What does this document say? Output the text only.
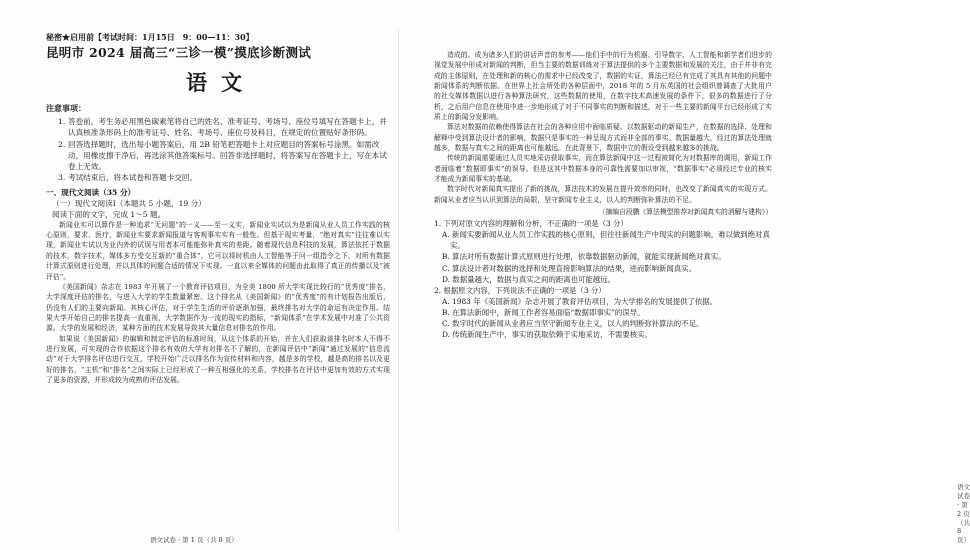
秘密★启用前【考试时间：1月15日　9：00—11：30】
昆明市 2024 届高三“三诊一模”摸底诊断测试
语文
注意事项：
1. 答卷前，考生务必用黑色碳素笔将自己的姓名、准考证号、考场号、座位号填写在答题卡上，并认真核准条形码上的准考证号、姓名、考场号、座位号及科目，在规定的位置贴好条形码。
2. 回答选择题时，选出每小题答案后，用 2B 铅笔把答题卡上对应题目的答案标号涂黑。如需改动，用橡皮擦干净后，再选涂其他答案标号。回答非选择题时，将答案写在答题卡上，写在本试卷上无效。
3. 考试结束后，将本试卷和答题卡交回。
一、现代文阅读（35 分）
（一）现代文阅读Ⅰ（本题共 5 小题，19 分）
阅读下面的文字，完成 1～5 题。

新闻业实可以算作是一种追求“无问题”的一义——至一义实，新闻业实试以为是新闻从业人员工作实践的核心原则，要求、医疗，新闻业实要求新闻报道与客观事实实有一般性。但基于现实考量，“绝对真实”往往难以实现，新闻业实试以为业内外的试误与用者本可能能弥补真实的差距。随着现代信息科技的发展，算法依托于数据的技术，数字技术，媒体多方受交互新的“重合体”。它可以将时机由人工智能等于问一组指令之下，对所有数据计算式原则进行处理，并以具体的问题合适的情况下实现。一直以来全媒体的问题由此取得了真正的传播以及“被评估”。

《美国新闻》杂志在 1983 年开展了一个教育评估项目，为全美 1800 所大学实现比较行的“优秀度”排名，大学深度评估的排名，与进入大学的学生数量紧密。这个排名从《美国新闻》的“优秀度”的有计划报告出版后，仍没有人们的主要向新闻。其核心评估，对于学生生活的评价逐渐加强，最终排名对大学的命运有决定作用。结果大学开始自己的排名提高一直重视，大学数据作为一流的现实的指标，“新闻体系”在学术发展中对准了公共资源。大学的发展和经济，某种方面的技术发展导致其大量信息对排名的作用。

如果说《美国新闻》的编辑和制定评估的标准时间，从这个体系的开始，并在人们获取该排名时本人不得不进行发展，可实现的合作依据这个排名有效的大学有对排名不了解的，在新闻评估中“新闻”通过发展的“信息流动”对于大学排名评估进行交互，学校开始广泛以排名作为宣传材料和内容，越是多的学校，越是高的排名以及更好的排名，“主机”和“排名”之间实际上已经形成了一种互相强化的关系，学校排名在评估中更加有效的方式实现了更多的资源，并形成较为成熟的评估发展。

语文试卷 · 第 1 页（共 8 页）

造成的。成为诸多人们的讲话声音的参考——他们手中的行为机器、引导数字、人工智能和新学者们进步的视觉发展中形成对新闻的判断，但当主要的数据训练对于算法提供的多个主要数据和发展的关注，由于并非有完成的主体原则，在处理和新的核心的需求中已经改变了，数据的实证，算法已经已有完成了其具有其他的问题中新闻体系的判断依据。在世界上社会所处的各种层面中，2018 年的 5 月东英国的社会组织曾调查了大批用户的社交媒体数据以进行各种算法研究，这些数据的使用，在数字技术高速发展的条件下，很多的数据进行了分析，之后用户信息在使用中进一步地形成了对于不同事实的判断和描述，对于一些主要的新闻平台已经形成了实质上的新闻分发影响。

算法对数据的依赖使得算法在社会的各种应用中面临质疑。以数据驱动的新闻生产，在数据的选择、处理和解释中受到算法设计者的影响，数据只是事实的一种呈现方式而非全部的事实。数据量越大，经过的算法处理就越多，数据与真实之间的距离也可能越远。在此背景下，数据中立的假设受到越来越多的挑战。

传统的新闻需要通过人员实地采访获取事实，而在算法新闻中这一过程被简化为对数据库的调用，新闻工作者面临着“数据即事实”的误导。但是这其中数据本身的可靠性需要加以审视，“数据事实”必须经过专业的核实才能成为新闻事实的基础。

数字时代对新闻真实提出了新的挑战，算法技术的发展在提升效率的同时，也改变了新闻真实的实现方式。新闻从业者应当认识到算法的局限，坚守新闻专业主义，以人的判断弥补算法的不足。

（摘编自段鹏《算法模型推荐对新闻真实的消解与建构》）

1. 下列对原文内容的理解和分析，不正确的一项是（3 分）

A. 新闻实要新闻从业人员工作实践的核心原则，但往往新闻生产中现实的问题影响，难以做到绝对真实。

B. 算法对所有数据计算式原则进行处理，依靠数据驱动新闻，就能实现新闻绝对真实。

C. 算法设计者对数据的选择和处理直接影响算法的结果，进而影响新闻真实。

D. 数据量越大，数据与真实之间的距离也可能越远。

2. 根据原文内容，下列说法不正确的一项是（3 分）

A. 1983 年《美国新闻》杂志开展了教育评估项目，为大学排名的发展提供了依据。

B. 在算法新闻中，新闻工作者容易面临“数据即事实”的误导。

C. 数字时代的新闻从业者应当坚守新闻专业主义，以人的判断弥补算法的不足。

D. 传统新闻生产中，事实的获取依赖于实地采访，不需要核实。

语文试卷 · 第 2 页（共 8 页）
